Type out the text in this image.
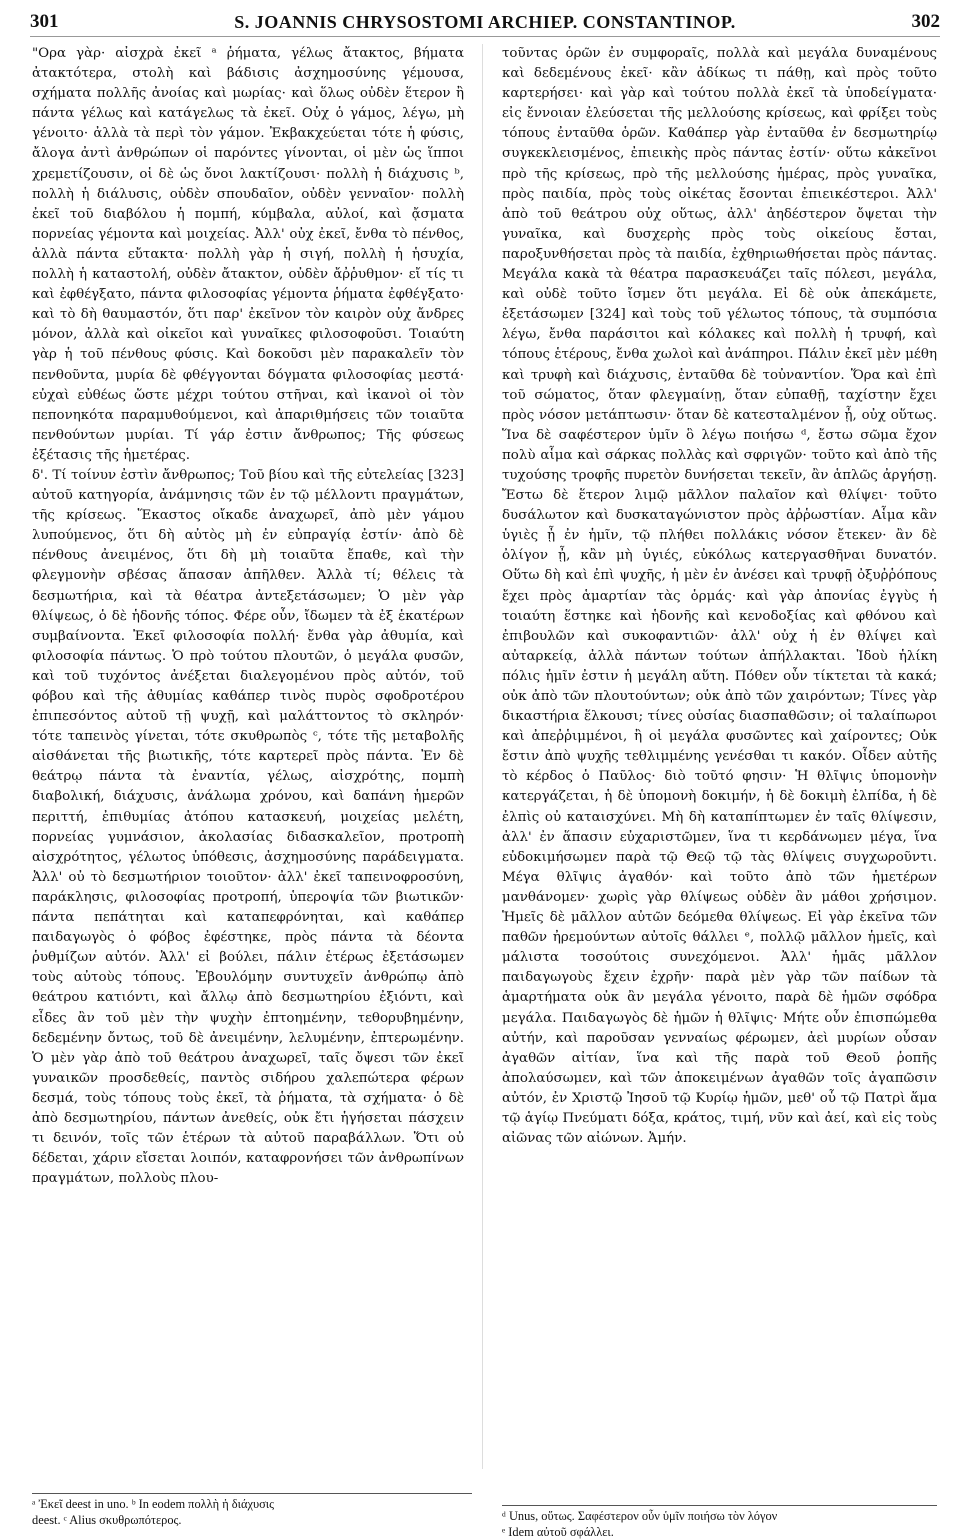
301	S. JOANNIS CHRYSOSTOMI ARCHIEP. CONSTANTINOP.	302

"Ορα γὰρ· αἰσχρὰ ἐκεῖ ᵃ ῥήματα, γέλως ἄτακτος, βήματα ἀτακτότερα, στολὴ καὶ βάδισις ἀσχημοσύνης γέμουσα, σχήματα πολλῆς ἀνοίας καὶ μωρίας· καὶ ὅλως οὐδὲν ἕτερον ἢ πάντα γέλως καὶ κατάγελως τὰ ἐκεῖ. Οὐχ ὁ γάμος, λέγω, μὴ γένοιτο· ἀλλὰ τὰ περὶ τὸν γάμον. Ἐκβακχεύεται τότε ἡ φύσις, ἄλογα ἀντὶ ἀνθρώπων οἱ παρόντες γίνονται, οἱ μὲν ὡς ἵπποι χρεμετίζουσιν, οἱ δὲ ὡς ὄνοι λακτίζουσι· πολλὴ ἡ διάχυσις ᵇ, πολλὴ ἡ διάλυσις, οὐδὲν σπουδαῖον, οὐδὲν γενναῖον· πολλὴ ἐκεῖ τοῦ διαβόλου ἡ πομπή, κύμβαλα, αὐλοί, καὶ ᾄσματα πορνείας γέμοντα καὶ μοιχείας. Ἀλλ' οὐχ ἐκεῖ, ἔνθα τὸ πένθος, ἀλλὰ πάντα εὔτακτα· πολλὴ γὰρ ἡ σιγή, πολλὴ ἡ ἡσυχία, πολλὴ ἡ καταστολή, οὐδὲν ἄτακτον, οὐδὲν ἄῤῥυθμον· εἴ τίς τι καὶ ἐφθέγξατο, πάντα φιλοσοφίας γέμοντα ῥήματα ἐφθέγξατο· καὶ τὸ δὴ θαυμαστόν, ὅτι παρ' ἐκεῖνον τὸν καιρὸν οὐχ ἄνδρες μόνον, ἀλλὰ καὶ οἰκεῖοι καὶ γυναῖκες φιλοσοφοῦσι. Τοιαύτη γὰρ ἡ τοῦ πένθους φύσις. Καὶ δοκοῦσι μὲν παρακαλεῖν τὸν πενθοῦντα, μυρία δὲ φθέγγονται δόγματα φιλοσοφίας μεστά· εὐχαὶ εὐθέως ὥστε μέχρι τούτου στῆναι, καὶ ἱκανοὶ οἱ τὸν πεπονηκότα παραμυθούμενοι, καὶ ἀπαριθμήσεις τῶν τοιαῦτα πενθούντων μυρίαι. Τί γάρ ἐστιν ἄνθρωπος; Τῆς φύσεως ἐξέτασις τῆς ἡμετέρας.

δ'. Τί τοίνυν ἐστὶν ἄνθρωπος; Τοῦ βίου καὶ τῆς εὐτελείας [323] αὐτοῦ κατηγορία, ἀνάμνησις τῶν ἐν τῷ μέλλοντι πραγμάτων, τῆς κρίσεως. Ἕκαστος οἴκαδε ἀναχωρεῖ, ἀπὸ μὲν γάμου λυπούμενος, ὅτι δὴ αὐτὸς μὴ ἐν εὐπραγίᾳ ἐστίν· ἀπὸ δὲ πένθους ἀνειμένος, ὅτι δὴ μὴ τοιαῦτα ἔπαθε, καὶ τὴν φλεγμονὴν σβέσας ἅπασαν ἀπῆλθεν. Ἀλλὰ τί; θέλεις τὰ δεσμωτήρια, καὶ τὰ θέατρα ἀντεξετάσωμεν; Ὁ μὲν γὰρ θλίψεως, ὁ δὲ ἡδονῆς τόπος. Φέρε οὖν, ἴδωμεν τὰ ἐξ ἑκατέρων συμβαίνοντα. Ἐκεῖ φιλοσοφία πολλή· ἔνθα γὰρ ἀθυμία, καὶ φιλοσοφία πάντως. Ὁ πρὸ τούτου πλουτῶν, ὁ μεγάλα φυσῶν, καὶ τοῦ τυχόντος ἀνέξεται διαλεγομένου πρὸς αὐτόν, τοῦ φόβου καὶ τῆς ἀθυμίας καθάπερ τινὸς πυρὸς σφοδροτέρου ἐπιπεσόντος αὐτοῦ τῇ ψυχῇ, καὶ μαλάττοντος τὸ σκληρόν· τότε ταπεινὸς γίνεται, τότε σκυθρωπὸς ᶜ, τότε τῆς μεταβολῆς αἰσθάνεται τῆς βιωτικῆς, τότε καρτερεῖ πρὸς πάντα. Ἐν δὲ θεάτρῳ πάντα τὰ ἐναντία, γέλως, αἰσχρότης, πομπὴ διαβολική, διάχυσις, ἀνάλωμα χρόνου, καὶ δαπάνη ἡμερῶν περιττή, ἐπιθυμίας ἀτόπου κατασκευή, μοιχείας μελέτη, πορνείας γυμνάσιον, ἀκολασίας διδασκαλεῖον, προτροπὴ αἰσχρότητος, γέλωτος ὑπόθεσις, ἀσχημοσύνης παράδειγματα. Ἀλλ' οὐ τὸ δεσμωτήριον τοιοῦτον· ἀλλ' ἐκεῖ ταπεινοφροσύνη, παράκλησις, φιλοσοφίας προτροπή, ὑπεροψία τῶν βιωτικῶν· πάντα πεπάτηται καὶ καταπεφρόνηται, καὶ καθάπερ παιδαγωγὸς ὁ φόβος ἐφέστηκε, πρὸς πάντα τὰ δέοντα ῥυθμίζων αὐτόν. Ἀλλ' εἰ βούλει, πάλιν ἑτέρως ἐξετάσωμεν τοὺς αὐτοὺς τόπους. Ἐβουλόμην συντυχεῖν ἀνθρώπῳ ἀπὸ θεάτρου κατιόντι, καὶ ἄλλῳ ἀπὸ δεσμωτηρίου ἐξιόντι, καὶ εἶδες ἂν τοῦ μὲν τὴν ψυχὴν ἐπτοημένην, τεθορυβημένην, δεδεμένην ὄντως, τοῦ δὲ ἀνειμένην, λελυμένην, ἐπτερωμένην. Ὁ μὲν γὰρ ἀπὸ τοῦ θεάτρου ἀναχωρεῖ, ταῖς ὄψεσι τῶν ἐκεῖ γυναικῶν προσδεθείς, παντὸς σιδήρου χαλεπώτερα φέρων δεσμά, τοὺς τόπους τοὺς ἐκεῖ, τὰ ῥήματα, τὰ σχήματα· ὁ δὲ ἀπὸ δεσμωτηρίου, πάντων ἀνεθείς, οὐκ ἔτι ἡγήσεται πάσχειν τι δεινόν, τοῖς τῶν ἑτέρων τὰ αὐτοῦ παραβάλλων. Ὅτι οὐ δέδεται, χάριν εἴσεται λοιπόν, καταφρονήσει τῶν ἀνθρωπίνων πραγμάτων, πολλοὺς πλου-

τοῦντας ὁρῶν ἐν συμφοραῖς, πολλὰ καὶ μεγάλα δυναμένους καὶ δεδεμένους ἐκεῖ· κἂν ἀδίκως τι πάθῃ, καὶ πρὸς τοῦτο καρτερήσει· καὶ γὰρ καὶ τούτου πολλὰ ἐκεῖ τὰ ὑποδείγματα· εἰς ἔννοιαν ἐλεύσεται τῆς μελλούσης κρίσεως, καὶ φρίξει τοὺς τόπους ἐνταῦθα ὁρῶν. Καθάπερ γὰρ ἐνταῦθα ἐν δεσμωτηρίῳ συγκεκλεισμένος, ἐπιεικὴς πρὸς πάντας ἐστίν· οὕτω κἀκεῖνοι πρὸ τῆς κρίσεως, πρὸ τῆς μελλούσης ἡμέρας, πρὸς γυναῖκα, πρὸς παιδία, πρὸς τοὺς οἰκέτας ἔσονται ἐπιεικέστεροι. Ἀλλ' ἀπὸ τοῦ θεάτρου οὐχ οὕτως, ἀλλ' ἀηδέστερον ὄψεται τὴν γυναῖκα, καὶ δυσχερὴς πρὸς τοὺς οἰκείους ἔσται, παροξυνθήσεται πρὸς τὰ παιδία, ἐχθηριωθήσεται πρὸς πάντας. Μεγάλα κακὰ τὰ θέατρα παρασκευάζει ταῖς πόλεσι, μεγάλα, καὶ οὐδὲ τοῦτο ἴσμεν ὅτι μεγάλα. Εἰ δὲ οὐκ ἀπεκάμετε, ἐξετάσωμεν [324] καὶ τοὺς τοῦ γέλωτος τόπους, τὰ συμπόσια λέγω, ἔνθα παράσιτοι καὶ κόλακες καὶ πολλὴ ἡ τρυφή, καὶ τόπους ἑτέρους, ἔνθα χωλοὶ καὶ ἀνάπηροι. Πάλιν ἐκεῖ μὲν μέθη καὶ τρυφὴ καὶ διάχυσις, ἐνταῦθα δὲ τοὐναντίον. Ὅρα καὶ ἐπὶ τοῦ σώματος, ὅταν φλεγμαίνῃ, ὅταν εὐπαθῇ, ταχίστην ἔχει πρὸς νόσον μετάπτωσιν· ὅταν δὲ κατεσταλμένον ᾖ, οὐχ οὕτως. Ἵνα δὲ σαφέστερον ὑμῖν ὃ λέγω ποιήσω ᵈ, ἔστω σῶμα ἔχον πολὺ αἷμα καὶ σάρκας πολλὰς καὶ σφριγῶν· τοῦτο καὶ ἀπὸ τῆς τυχούσης τροφῆς πυρετὸν δυνήσεται τεκεῖν, ἂν ἁπλῶς ἀργήσῃ. Ἔστω δὲ ἕτερον λιμῷ μᾶλλον παλαῖον καὶ θλίψει· τοῦτο δυσάλωτον καὶ δυσκαταγώνιστον πρὸς ἀῤῥωστίαν. Αἷμα κἂν ὑγιὲς ᾖ ἐν ἡμῖν, τῷ πλήθει πολλάκις νόσον ἔτεκεν· ἂν δὲ ὀλίγον ᾖ, κἂν μὴ ὑγιές, εὐκόλως κατεργασθῆναι δυνατόν. Οὕτω δὴ καὶ ἐπὶ ψυχῆς, ἡ μὲν ἐν ἀνέσει καὶ τρυφῇ ὀξυῤῥόπους ἔχει πρὸς ἁμαρτίαν τὰς ὁρμάς· καὶ γὰρ ἀπονίας ἐγγὺς ἡ τοιαύτη ἕστηκε καὶ ἡδονῆς καὶ κενοδοξίας καὶ φθόνου καὶ ἐπιβουλῶν καὶ συκοφαντιῶν· ἀλλ' οὐχ ἡ ἐν θλίψει καὶ αὐταρκείᾳ, ἀλλὰ πάντων τούτων ἀπήλλακται. Ἰδοὺ ἡλίκη πόλις ἡμῖν ἐστιν ἡ μεγάλη αὕτη. Πόθεν οὖν τίκτεται τὰ κακά; οὐκ ἀπὸ τῶν πλουτούντων; οὐκ ἀπὸ τῶν χαιρόντων; Τίνες γὰρ δικαστήρια ἕλκουσι; τίνες οὐσίας διασπαθῶσιν; οἱ ταλαίπωροι καὶ ἀπεῤῥιμμένοι, ἢ οἱ μεγάλα φυσῶντες καὶ χαίροντες; Οὐκ ἔστιν ἀπὸ ψυχῆς τεθλιμμένης γενέσθαι τι κακόν. Οἶδεν αὐτῆς τὸ κέρδος ὁ Παῦλος· διὸ τοῦτό φησιν· Ἡ θλῖψις ὑπομονὴν κατεργάζεται, ἡ δὲ ὑπομονὴ δοκιμήν, ἡ δὲ δοκιμὴ ἐλπίδα, ἡ δὲ ἐλπὶς οὐ καταισχύνει. Μὴ δὴ καταπίπτωμεν ἐν ταῖς θλίψεσιν, ἀλλ' ἐν ἅπασιν εὐχαριστῶμεν, ἵνα τι κερδάνωμεν μέγα, ἵνα εὐδοκιμήσωμεν παρὰ τῷ Θεῷ τῷ τὰς θλίψεις συγχωροῦντι. Μέγα θλῖψις ἀγαθόν· καὶ τοῦτο ἀπὸ τῶν ἡμετέρων μανθάνομεν· χωρὶς γὰρ θλίψεως οὐδὲν ἂν μάθοι χρήσιμον. Ἡμεῖς δὲ μᾶλλον αὐτῶν δεόμεθα θλίψεως. Εἰ γὰρ ἐκεῖνα τῶν παθῶν ἠρεμούντων αὐτοῖς θάλλει ᵉ, πολλῷ μᾶλλον ἡμεῖς, καὶ μάλιστα τοσούτοις συνεχόμενοι. Ἀλλ' ἡμᾶς μᾶλλον παιδαγωγοὺς ἔχειν ἐχρῆν· παρὰ μὲν γὰρ τῶν παίδων τὰ ἁμαρτήματα οὐκ ἂν μεγάλα γένοιτο, παρὰ δὲ ἡμῶν σφόδρα μεγάλα. Παιδαγωγὸς δὲ ἡμῶν ἡ θλῖψις· Μήτε οὖν ἐπισπώμεθα αὐτήν, καὶ παροῦσαν γενναίως φέρωμεν, ἀεὶ μυρίων οὖσαν ἀγαθῶν αἰτίαν, ἵνα καὶ τῆς παρὰ τοῦ Θεοῦ ῥοπῆς ἀπολαύσωμεν, καὶ τῶν ἀποκειμένων ἀγαθῶν τοῖς ἀγαπῶσιν αὐτόν, ἐν Χριστῷ Ἰησοῦ τῷ Κυρίῳ ἡμῶν, μεθ' οὗ τῷ Πατρὶ ἅμα τῷ ἁγίῳ Πνεύματι δόξα, κράτος, τιμή, νῦν καὶ ἀεί, καὶ εἰς τοὺς αἰῶνας τῶν αἰώνων. Ἀμήν.

ᵃ Ἐκεῖ deest in uno. ᵇ In eodem πολλὴ ἡ διάχυσις
deest. ᶜ Alius σκυθρωπότερος.	ᵈ Unus, οὕτως. Σαφέστερον οὖν ὑμῖν ποιήσω τὸν λόγον
ᵉ Idem αὐτοῦ σφάλλει.
